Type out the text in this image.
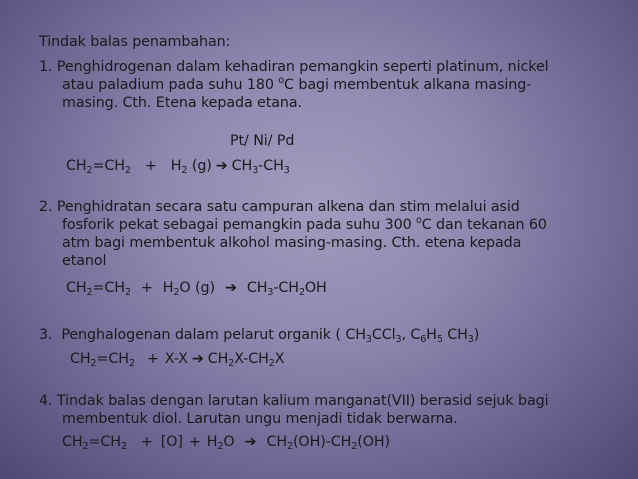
Tindak balas penambahan:
1. Penghidrogenan dalam kehadiran pemangkin seperti platinum, nickel
atau paladium pada suhu 180 $^o$C bagi membentuk alkana masing-
masing. Cth. Etena kepada etana.
Pt/ Ni/ Pd
$CH_2=CH_2 + H_2$ (g) ➔ $CH_3-CH_3$
2. Penghidratan secara satu campuran alkena dan stim melalui asid
fosforik pekat sebagai pemangkin pada suhu 300 $^o$C dan tekanan 60
atm bagi membentuk alkohol masing-masing. Cth. etena kepada
etanol
$CH_2=CH_2 + H_2O$ (g) ➔ $CH_3-CH_2OH$
3. Penghalogenan dalam pelarut organik ( $CH_3CCl_3$, $C_6H_5$ $CH_3$)
$CH_2=CH_2 + X-X$ ➔ $CH_2X-CH_2X$
4. Tindak balas dengan larutan kalium manganat(VII) berasid sejuk bagi
membentuk diol. Larutan ungu menjadi tidak berwarna.
$CH_2=CH_2 + [O] + H_2O$ ➔ $CH_2(OH)-CH_2(OH)$
